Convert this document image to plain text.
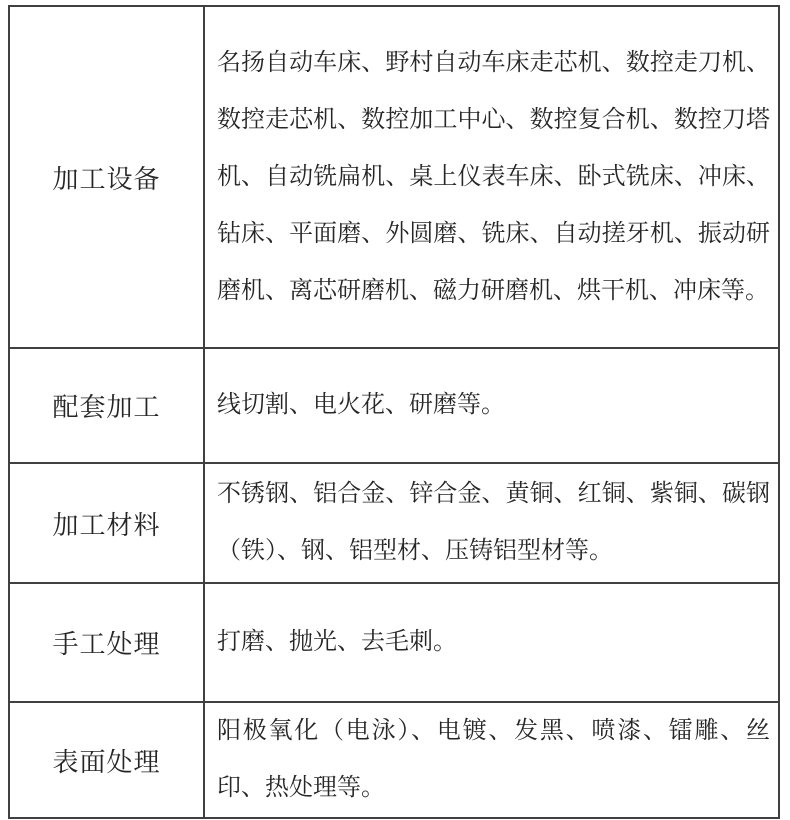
加工设备	名扬自动车床、野村自动车床走芯机、数控走刀机、数控走芯机、数控加工中心、数控复合机、数控刀塔机、自动铣扁机、桌上仪表车床、卧式铣床、冲床、钻床、平面磨、外圆磨、铣床、自动搓牙机、振动研磨机、离芯研磨机、磁力研磨机、烘干机、冲床等。
配套加工	线切割、电火花、研磨等。
加工材料	不锈钢、铝合金、锌合金、黄铜、红铜、紫铜、碳钢（铁）、钢、铝型材、压铸铝型材等。
手工处理	打磨、抛光、去毛刺。
表面处理	阳极氧化（电泳）、电镀、发黑、喷漆、镭雕、丝印、热处理等。
